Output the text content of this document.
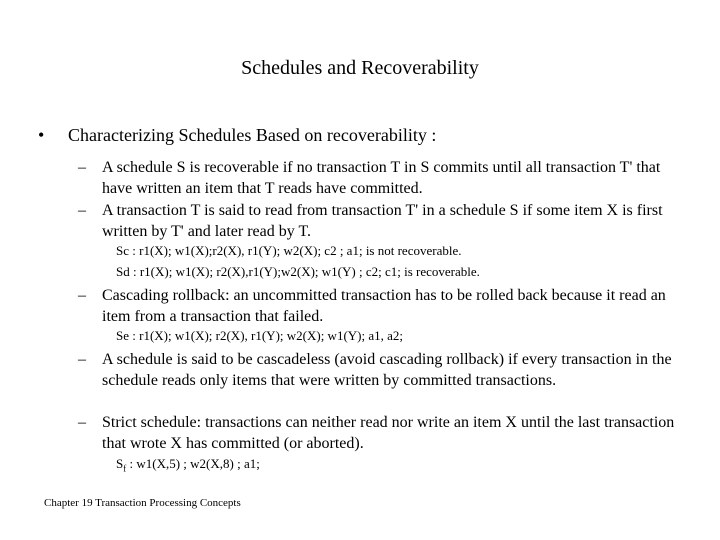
Schedules and Recoverability
• Characterizing Schedules Based on recoverability :
– A schedule S is recoverable if no transaction T in S commits until all transaction T' that have written an item that T reads have committed.
– A transaction T is said to read from transaction T' in a schedule S if some item X is first written by T' and later read by T.
Sc : r1(X); w1(X);r2(X), r1(Y); w2(X); c2 ; a1; is not recoverable.
Sd : r1(X); w1(X); r2(X),r1(Y);w2(X); w1(Y) ; c2; c1; is recoverable.
– Cascading rollback: an uncommitted transaction has to be rolled back because it read an item from a transaction that failed.
Se : r1(X); w1(X); r2(X), r1(Y); w2(X); w1(Y); a1, a2;
– A schedule is said to be cascadeless (avoid cascading rollback) if every transaction in the schedule reads only items that were written by committed transactions.
– Strict schedule: transactions can neither read nor write an item X until the last transaction that wrote X has committed (or aborted).
$S_f$ : w1(X,5) ; w2(X,8) ; a1;
Chapter 19 Transaction Processing Concepts
